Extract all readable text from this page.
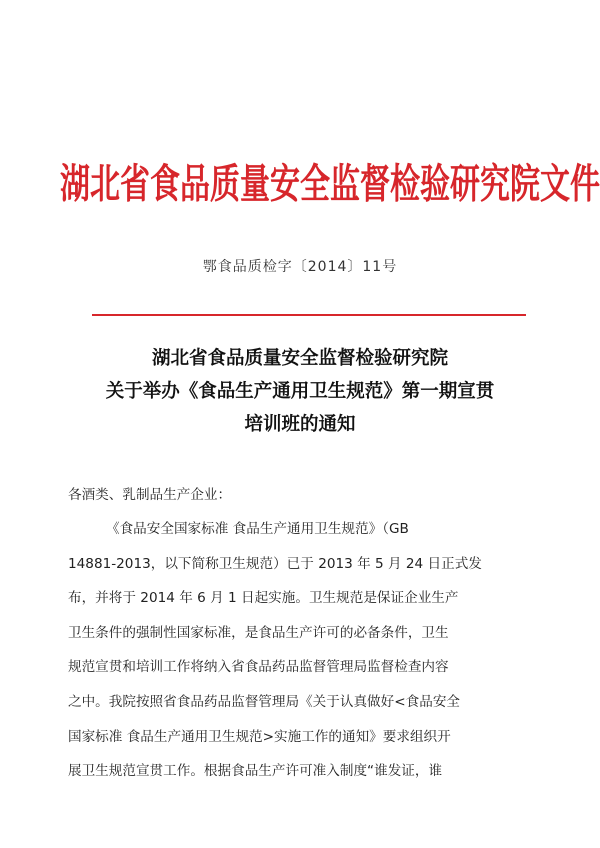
湖北省食品质量安全监督检验研究院文件
鄂食品质检字〔2014〕11号
湖北省食品质量安全监督检验研究院
关于举办《食品生产通用卫生规范》第一期宣贯
培训班的通知
各酒类、乳制品生产企业：

《食品安全国家标准 食品生产通用卫生规范》（GB

14881-2013，以下简称卫生规范）已于 2013 年 5 月 24 日正式发

布，并将于 2014 年 6 月 1 日起实施。卫生规范是保证企业生产

卫生条件的强制性国家标准，是食品生产许可的必备条件，卫生

规范宣贯和培训工作将纳入省食品药品监督管理局监督检查内容

之中。我院按照省食品药品监督管理局《关于认真做好<食品安全

国家标准 食品生产通用卫生规范>实施工作的通知》要求组织开

展卫生规范宣贯工作。根据食品生产许可准入制度“谁发证，谁
